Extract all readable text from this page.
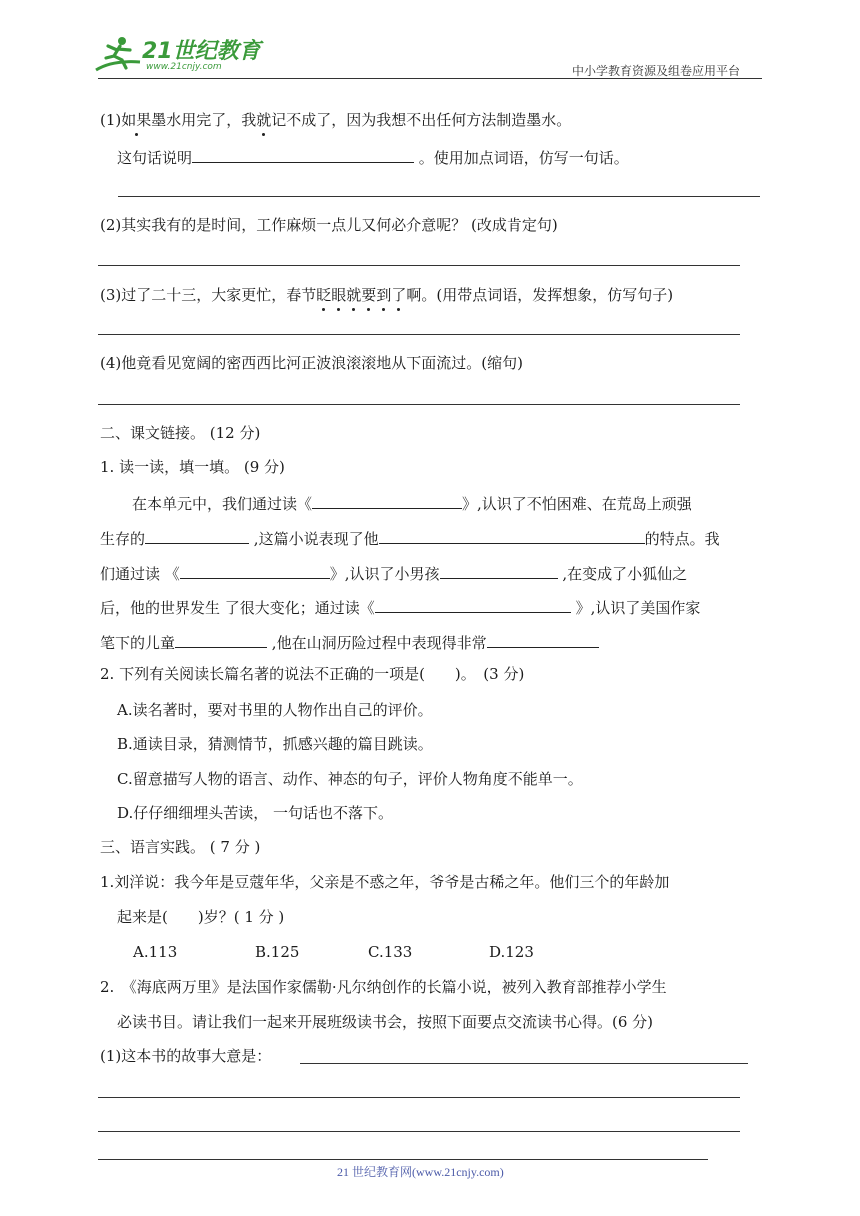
21世纪教育
www.21cnjy.com	中小学教育资源及组卷应用平台
(1)如果墨水用完了，我就记不成了，因为我想不出任何方法制造墨水。
这句话说明	。使用加点词语，仿写一句话。
(2)其实我有的是时间，工作麻烦一点儿又何必介意呢？ (改成肯定句)
(3)过了二十三，大家更忙，春节眨眼就要到了啊。(用带点词语，发挥想象，仿写句子)
(4)他竟看见宽阔的密西西比河正波浪滚滚地从下面流过。(缩句)
二、课文链接。 (12 分)
1. 读一读，填一填。 (9 分)
在本单元中，我们通过读《	》,认识了不怕困难、在荒岛上顽强
生存的	,这篇小说表现了他	的特点。我
们通过读 《	》,认识了小男孩	,在变成了小狐仙之
后，他的世界发生 了很大变化；通过读《	》,认识了美国作家
笔下的儿童	,他在山洞历险过程中表现得非常
2. 下列有关阅读长篇名著的说法不正确的一项是(　　)。　(3 分)
A.读名著时，要对书里的人物作出自己的评价。
B.通读目录，猜测情节，抓感兴趣的篇目跳读。
C.留意描写人物的语言、动作、神态的句子，评价人物角度不能单一。
D.仔仔细细埋头苦读， 一句话也不落下。
三、语言实践。 ( 7 分 )
1.刘洋说：我今年是豆蔻年华，父亲是不惑之年，爷爷是古稀之年。他们三个的年龄加
起来是(　　)岁？( 1 分 )
A.113	B.125	C.133	D.123
2.　《海底两万里》是法国作家儒勒·凡尔纳创作的长篇小说，被列入教育部推荐小学生
必读书目。请让我们一起来开展班级读书会，按照下面要点交流读书心得。(6 分)
(1)这本书的故事大意是：
21 世纪教育网(www.21cnjy.com)
